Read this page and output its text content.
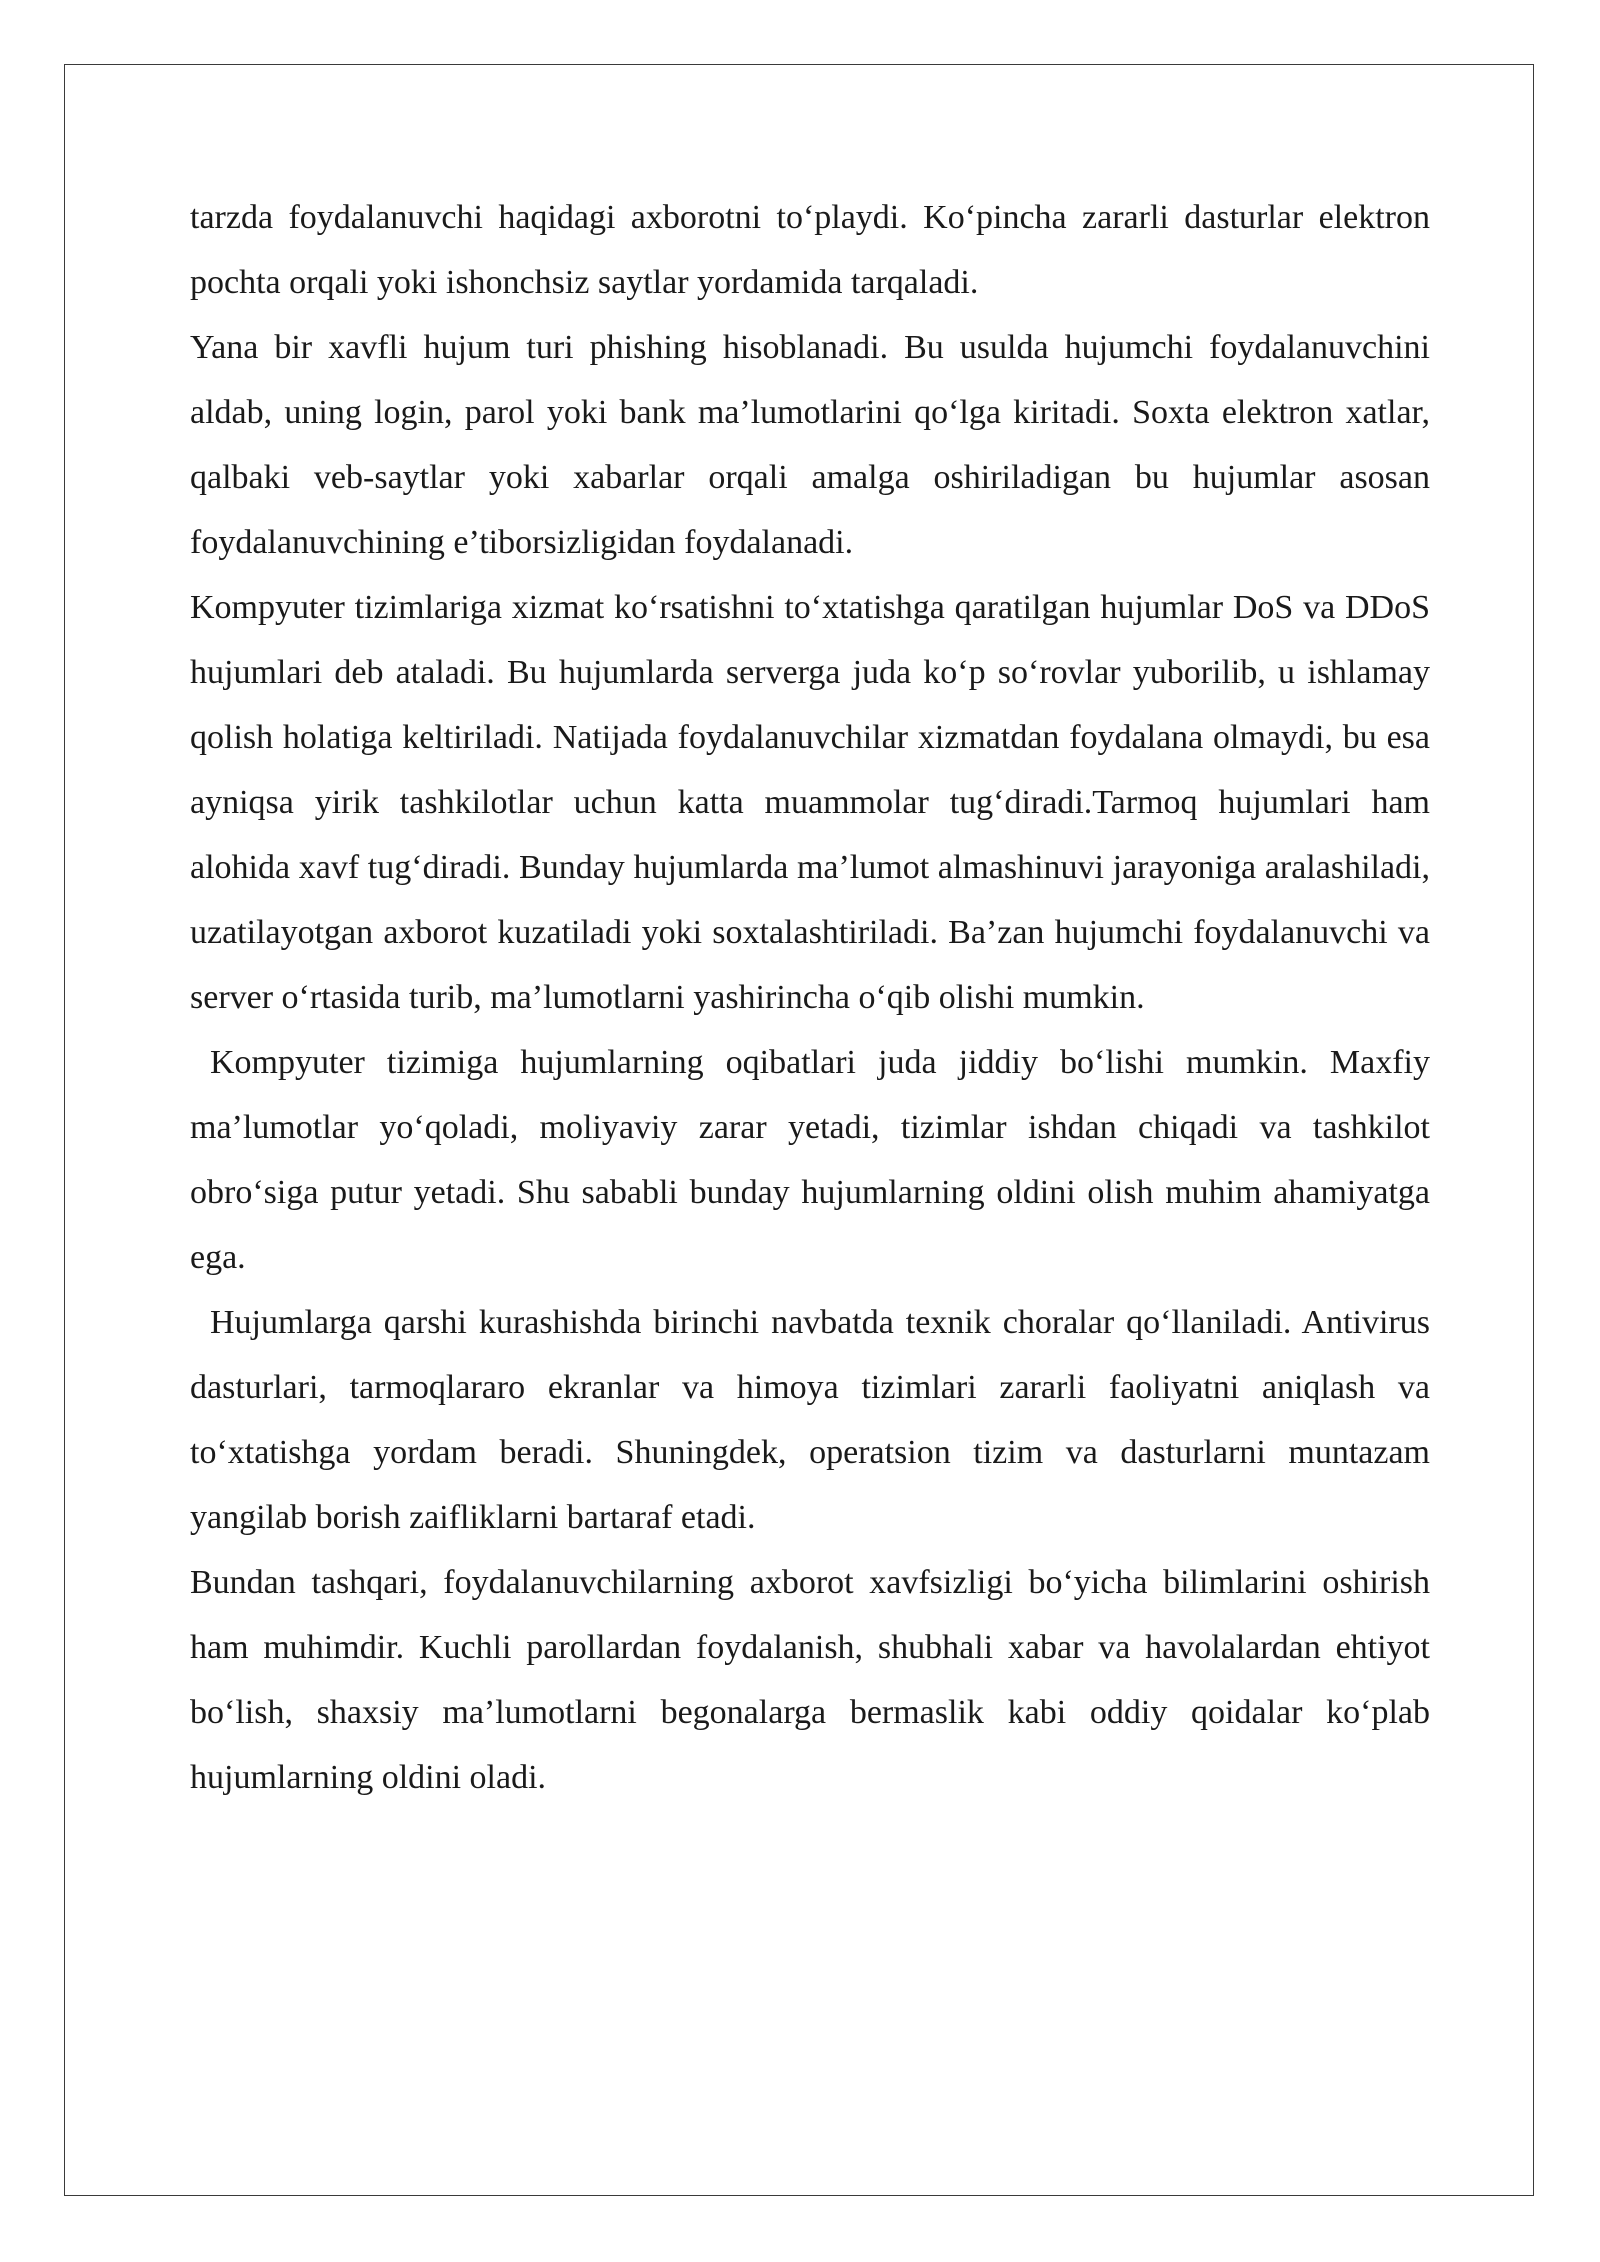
tarzda foydalanuvchi haqidagi axborotni to‘playdi. Ko‘pincha zararli dasturlar elektron pochta orqali yoki ishonchsiz saytlar yordamida tarqaladi.

Yana bir xavfli hujum turi phishing hisoblanadi. Bu usulda hujumchi foydalanuvchini aldab, uning login, parol yoki bank ma’lumotlarini qo‘lga kiritadi. Soxta elektron xatlar, qalbaki veb-saytlar yoki xabarlar orqali amalga oshiriladigan bu hujumlar asosan foydalanuvchining e’tiborsizligidan foydalanadi.

Kompyuter tizimlariga xizmat ko‘rsatishni to‘xtatishga qaratilgan hujumlar DoS va DDoS hujumlari deb ataladi. Bu hujumlarda serverga juda ko‘p so‘rovlar yuborilib, u ishlamay qolish holatiga keltiriladi. Natijada foydalanuvchilar xizmatdan foydalana olmaydi, bu esa ayniqsa yirik tashkilotlar uchun katta muammolar tug‘diradi.Tarmoq hujumlari ham alohida xavf tug‘diradi. Bunday hujumlarda ma’lumot almashinuvi jarayoniga aralashiladi, uzatilayotgan axborot kuzatiladi yoki soxtalashtiriladi. Ba’zan hujumchi foydalanuvchi va server o‘rtasida turib, ma’lumotlarni yashirincha o‘qib olishi mumkin.

Kompyuter tizimiga hujumlarning oqibatlari juda jiddiy bo‘lishi mumkin. Maxfiy ma’lumotlar yo‘qoladi, moliyaviy zarar yetadi, tizimlar ishdan chiqadi va tashkilot obro‘siga putur yetadi. Shu sababli bunday hujumlarning oldini olish muhim ahamiyatga ega.

Hujumlarga qarshi kurashishda birinchi navbatda texnik choralar qo‘llaniladi. Antivirus dasturlari, tarmoqlararo ekranlar va himoya tizimlari zararli faoliyatni aniqlash va to‘xtatishga yordam beradi. Shuningdek, operatsion tizim va dasturlarni muntazam yangilab borish zaifliklarni bartaraf etadi.

Bundan tashqari, foydalanuvchilarning axborot xavfsizligi bo‘yicha bilimlarini oshirish ham muhimdir. Kuchli parollardan foydalanish, shubhali xabar va havolalardan ehtiyot bo‘lish, shaxsiy ma’lumotlarni begonalarga bermaslik kabi oddiy qoidalar ko‘plab hujumlarning oldini oladi.
